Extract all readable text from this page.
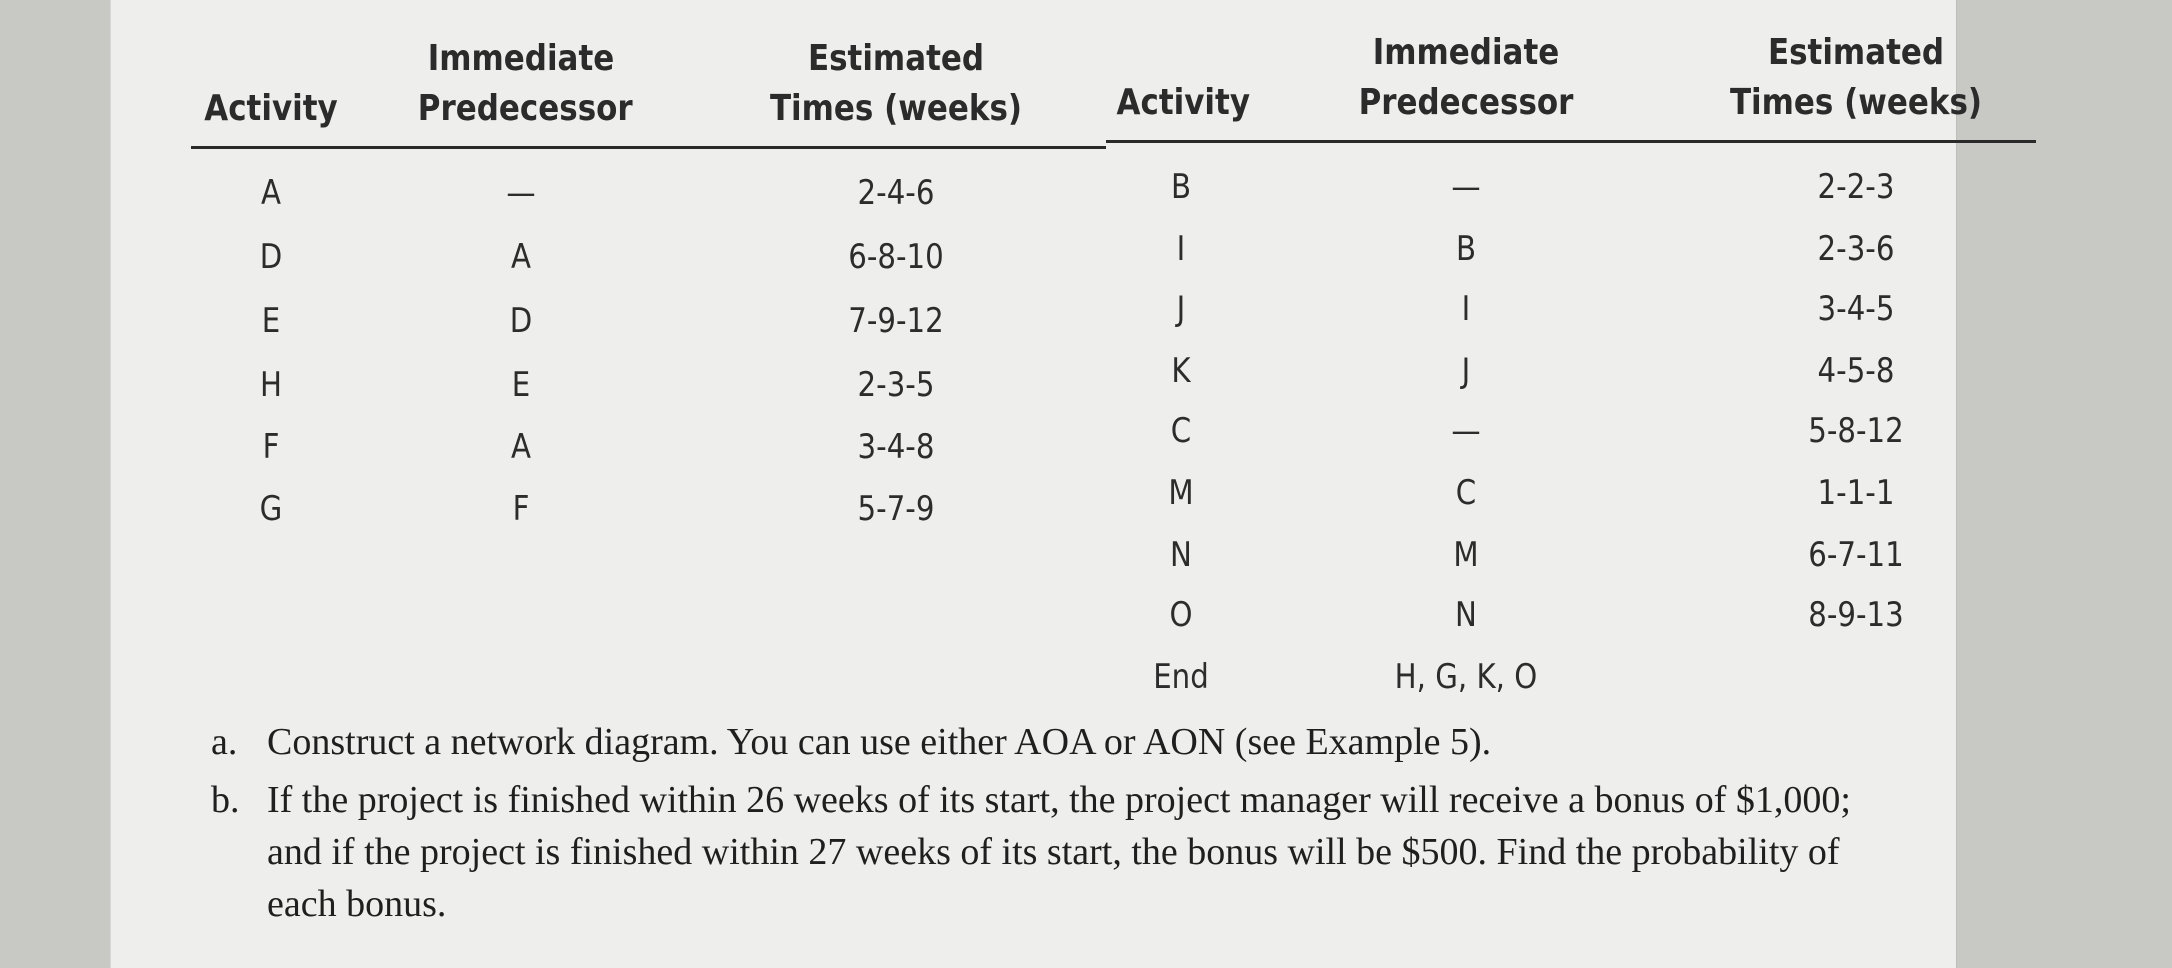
Activity
Immediate
Predecessor
Estimated
Times (weeks)
A	—	2-4-6
D	A	6-8-10
E	D	7-9-12
H	E	2-3-5
F	A	3-4-8
G	F	5-7-9
Activity
Immediate
Predecessor
Estimated
Times (weeks)
B	—	2-2-3
I	B	2-3-6
J	I	3-4-5
K	J	4-5-8
C	—	5-8-12
M	C	1-1-1
N	M	6-7-11
O	N	8-9-13
End	H, G, K, O
a. Construct a network diagram. You can use either AOA or AON (see Example 5).
b. If the project is finished within 26 weeks of its start, the project manager will receive a bonus of $1,000; and if the project is finished within 27 weeks of its start, the bonus will be $500. Find the probability of each bonus.
